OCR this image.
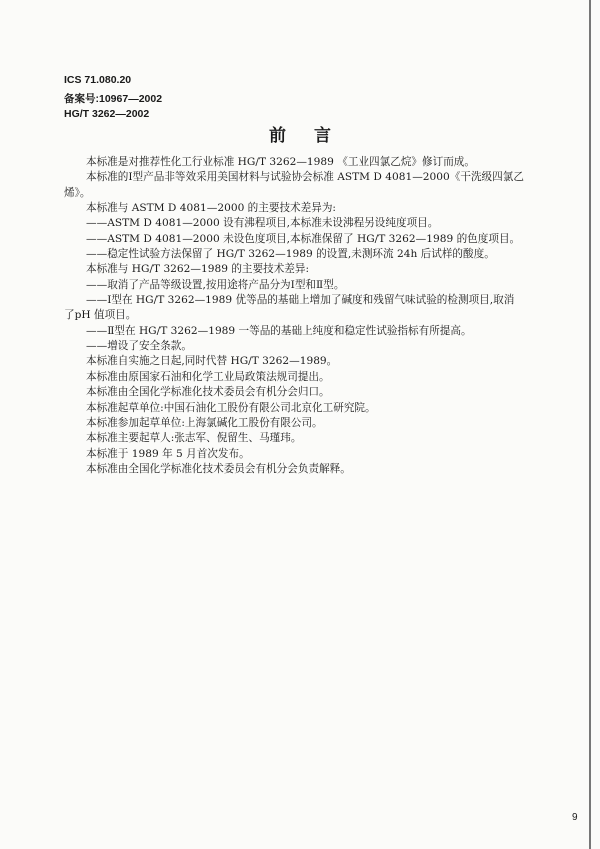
ICS 71.080.20
备案号:10967—2002
HG/T 3262—2002
前言

本标准是对推荐性化工行业标准 HG/T 3262—1989 《工业四氯乙烷》修订而成。

本标准的Ⅰ型产品非等效采用美国材料与试验协会标准 ASTM D 4081—2000《干洗级四氯乙烯》。

本标准与 ASTM D 4081—2000 的主要技术差异为:

——ASTM D 4081—2000 设有沸程项目,本标准未设沸程另设纯度项目。

——ASTM D 4081—2000 未设色度项目,本标准保留了 HG/T 3262—1989 的色度项目。

——稳定性试验方法保留了 HG/T 3262—1989 的设置,未测环流 24h 后试样的酸度。

本标准与 HG/T 3262—1989 的主要技术差异:

——取消了产品等级设置,按用途将产品分为Ⅰ型和Ⅱ型。

——Ⅰ型在 HG/T 3262—1989 优等品的基础上增加了碱度和残留气味试验的检测项目,取消了pH 值项目。

——Ⅱ型在 HG/T 3262—1989 一等品的基础上纯度和稳定性试验指标有所提高。

——增设了安全条款。

本标准自实施之日起,同时代替 HG/T 3262—1989。

本标准由原国家石油和化学工业局政策法规司提出。

本标准由全国化学标准化技术委员会有机分会归口。

本标准起草单位:中国石油化工股份有限公司北京化工研究院。

本标准参加起草单位:上海氯碱化工股份有限公司。

本标准主要起草人:张志军、倪留生、马瑾玮。

本标准于 1989 年 5 月首次发布。

本标准由全国化学标准化技术委员会有机分会负责解释。

9
